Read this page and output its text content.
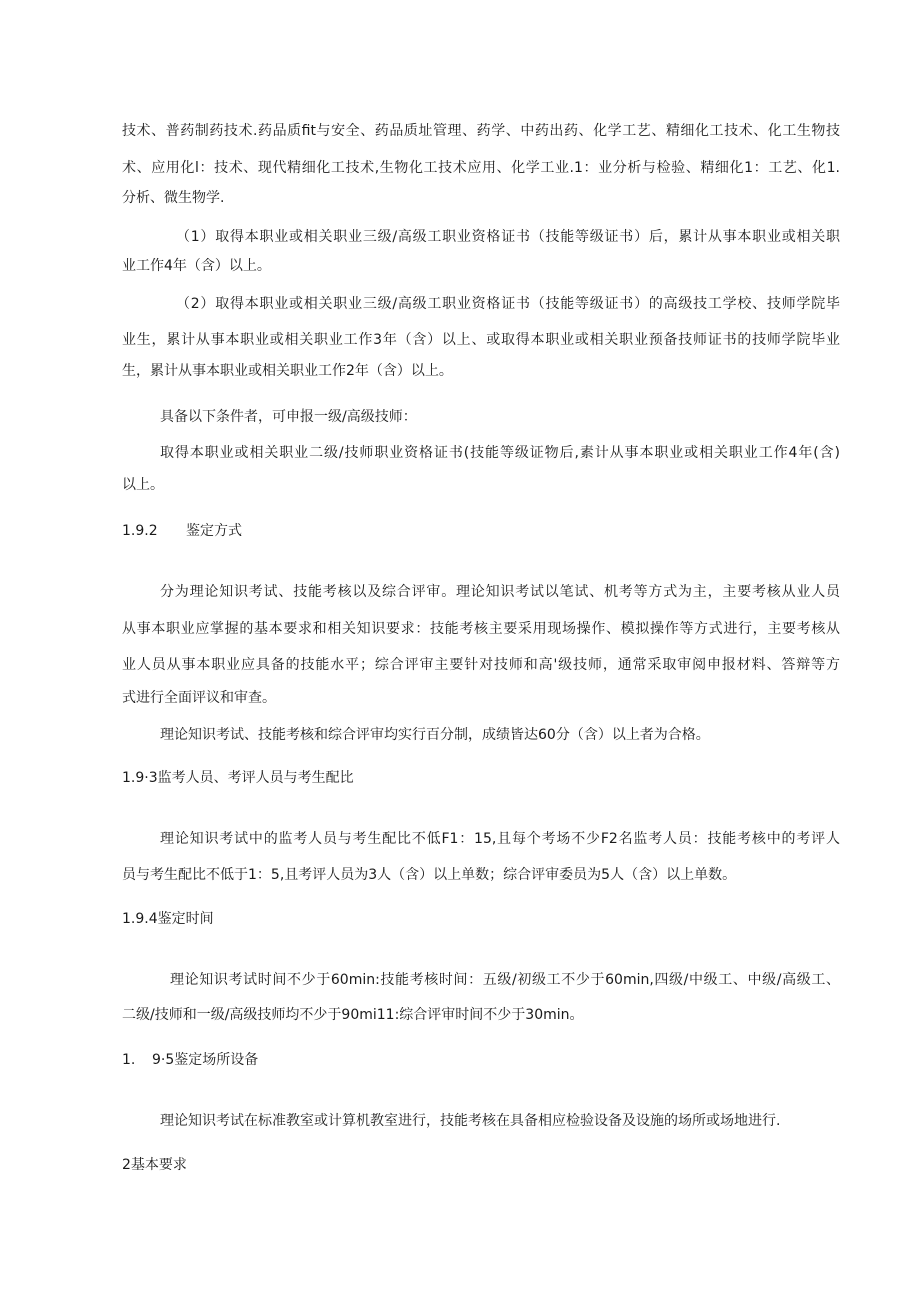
技术、普药制药技术.药品质fit与安全、药品质址管理、药学、中药出药、化学工艺、精细化工技术、化工生物技
术、应用化l：技术、现代精细化工技术,生物化工技术应用、化学工业.1：业分析与检验、精细化1：工艺、化1.
分析、微生物学.
（1）取得本职业或相关职业三级/高级工职业资格证书（技能等级证书）后，累计从事本职业或相关职
业工作4年（含）以上。
（2）取得本职业或相关职业三级/高级工职业资格证书（技能等级证书）的高级技工学校、技师学院毕
业生，累计从事本职业或相关职业工作3年（含）以上、或取得本职业或相关职业预备技师证书的技师学院毕业
生，累计从事本职业或相关职业工作2年（含）以上。
具备以下条件者，可申报一级/高级技师：
取得本职业或相关职业二级/技师职业资格证书(技能等级证物后,素计从事本职业或相关职业工作4年(含)
以上。
1.9.2 鉴定方式
分为理论知识考试、技能考核以及综合评审。理论知识考试以笔试、机考等方式为主，主要考核从业人员
从事本职业应掌握的基本要求和相关知识要求：技能考核主要采用现场操作、模拟操作等方式进行，主要考核从
业人员从事本职业应具备的技能水平；综合评审主要针对技师和高'级技师，通常采取审阅申报材料、答辩等方
式进行全面评议和审查。
理论知识考试、技能考核和综合评审均实行百分制，成绩皆达60分（含）以上者为合格。
1.9·3监考人员、考评人员与考生配比
理论知识考试中的监考人员与考生配比不低F1：15,且每个考场不少F2名监考人员：技能考核中的考评人
员与考生配比不低于1：5,且考评人员为3人（含）以上单数；综合评审委员为5人（含）以上单数。
1.9.4鉴定时间
理论知识考试时间不少于60min:技能考核时间：五级/初级工不少于60min,四级/中级工、中级/高级工、
二级/技师和一级/高级技师均不少于90mi11:综合评审时间不少于30min。
1. 9·5鉴定场所设备
理论知识考试在标准教室或计算机教室进行，技能考核在具备相应检验设备及设施的场所或场地进行.
2基本要求
